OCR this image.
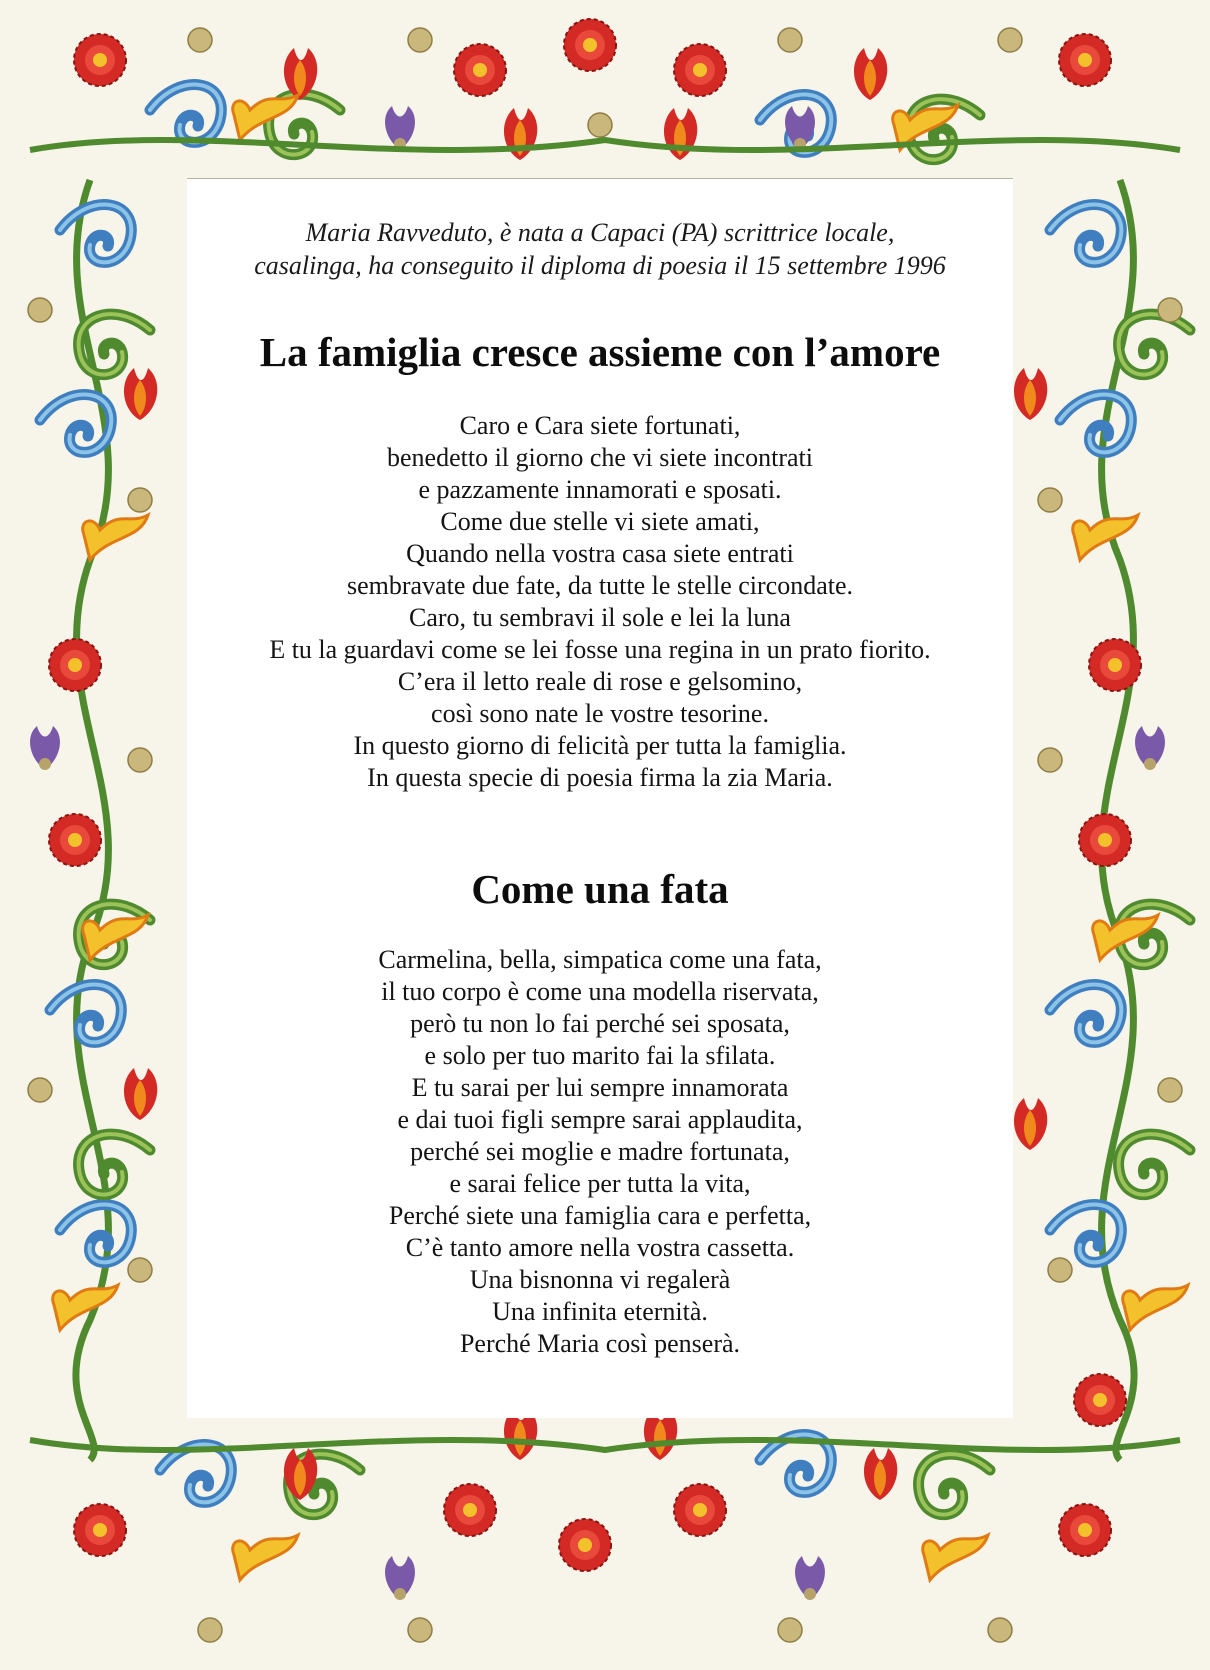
Maria Ravveduto, è nata a Capaci (PA) scrittrice locale,
casalinga, ha conseguito il diploma di poesia il 15 settembre 1996
La famiglia cresce assieme con l’amore
Caro e Cara siete fortunati,
benedetto il giorno che vi siete incontrati
e pazzamente innamorati e sposati.
Come due stelle vi siete amati,
Quando nella vostra casa siete entrati
sembravate due fate, da tutte le stelle circondate.
Caro, tu sembravi il sole e lei la luna
E tu la guardavi come se lei fosse una regina in un prato fiorito.
C’era il letto reale di rose e gelsomino,
così sono nate le vostre tesorine.
In questo giorno di felicità per tutta la famiglia.
In questa specie di poesia firma la zia Maria.
Come una fata
Carmelina, bella, simpatica come una fata,
il tuo corpo è come una modella riservata,
però tu non lo fai perché sei sposata,
e solo per tuo marito fai la sfilata.
E tu sarai per lui sempre innamorata
e dai tuoi figli sempre sarai applaudita,
perché sei moglie e madre fortunata,
e sarai felice per tutta la vita,
Perché siete una famiglia cara e perfetta,
C’è tanto amore nella vostra cassetta.
Una bisnonna vi regalerà
Una infinita eternità.
Perché Maria così penserà.
